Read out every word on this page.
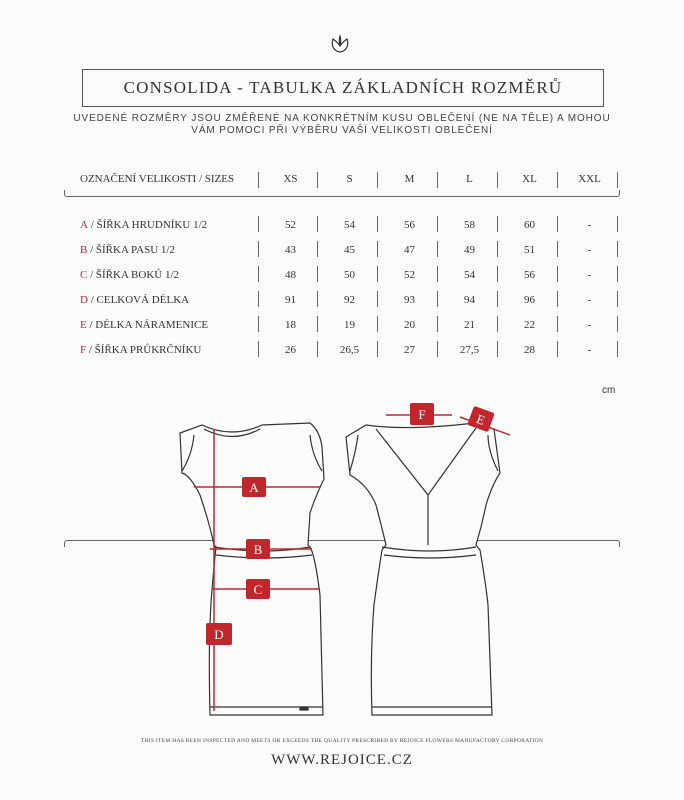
CONSOLIDA - TABULKA ZÁKLADNÍCH ROZMĚRŮ
UVEDENÉ ROZMĚRY JSOU ZMĚŘENÉ NA KONKRÉTNÍM KUSU OBLEČENÍ (NE NA TĚLE) A MOHOU
VÁM POMOCI PŘI VÝBĚRU VAŠÍ VELIKOSTI OBLEČENÍ
OZNAČENÍ VELIKOSTI / SIZES	XS	S	M	L	XL	XXL
A / ŠÍŘKA HRUDNÍKU 1/2	52	54	56	58	60	-
B / ŠÍŘKA PASU 1/2	43	45	47	49	51	-
C / ŠÍŘKA BOKŮ 1/2	48	50	52	54	56	-
D / CELKOVÁ DÉLKA	91	92	93	94	96	-
E / DÉLKA NÁRAMENICE	18	19	20	21	22	-
F / ŠÍŘKA PRŮKRČNÍKU	26	26,5	27	27,5	28	-
cm
A
B
C
D
E
F
THIS ITEM HAS BEEN INSPECTED AND MEETS OR EXCEEDS THE QUALITY PRESCRIBED BY REJOICE FLOWERS MANUFACTORY CORPORATION
WWW.REJOICE.CZ
